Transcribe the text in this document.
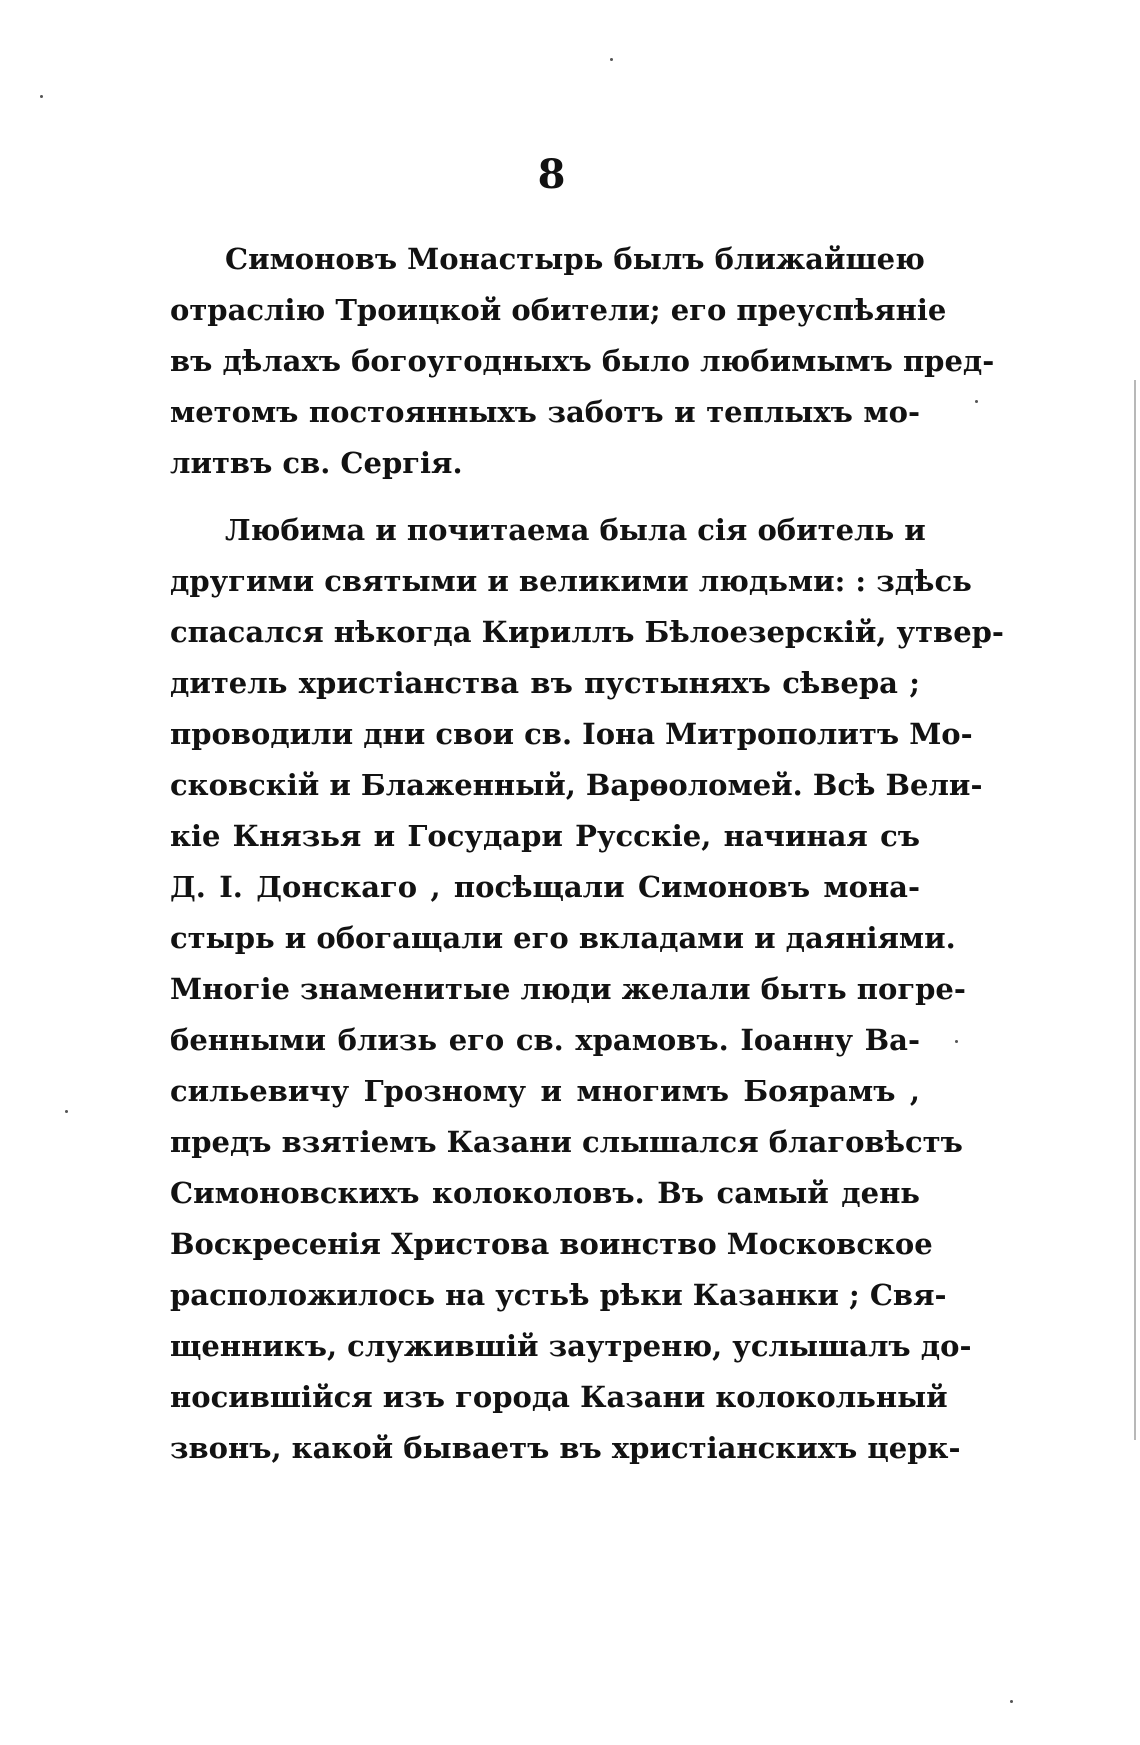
8
Симоновъ Монастырь былъ ближайшею
отраслію Троицкой обители; его преуспѣяніе
въ дѣлахъ богоугодныхъ было любимымъ пред-
метомъ постоянныхъ заботъ и теплыхъ мо-
литвъ св. Сергія.
Любима и почитаема была сія обитель и
другими святыми и великими людьми: : здѣсь
спасался нѣкогда Кириллъ Бѣлоезерскій, утвер-
дитель христіанства въ пустыняхъ сѣвера ;
проводили дни свои св. Іона Митрополитъ Мо-
сковскій и Блаженный, Варѳоломей. Всѣ Вели-
кіе Князья и Государи Русскіе, начиная съ
Д. І. Донскаго , посѣщали Симоновъ мона-
стырь и обогащали его вкладами и даяніями.
Многіе знаменитые люди желали быть погре-
бенными близь его св. храмовъ. Іоанну Ва-
сильевичу Грозному и многимъ Боярамъ ,
предъ взятіемъ Казани слышался благовѣстъ
Симоновскихъ колоколовъ. Въ самый день
Воскресенія Христова воинство Московское
расположилось на устьѣ рѣки Казанки ; Свя-
щенникъ, служившій заутреню, услышалъ до-
носившійся изъ города Казани колокольный
звонъ, какой бываетъ въ христіанскихъ церк-
